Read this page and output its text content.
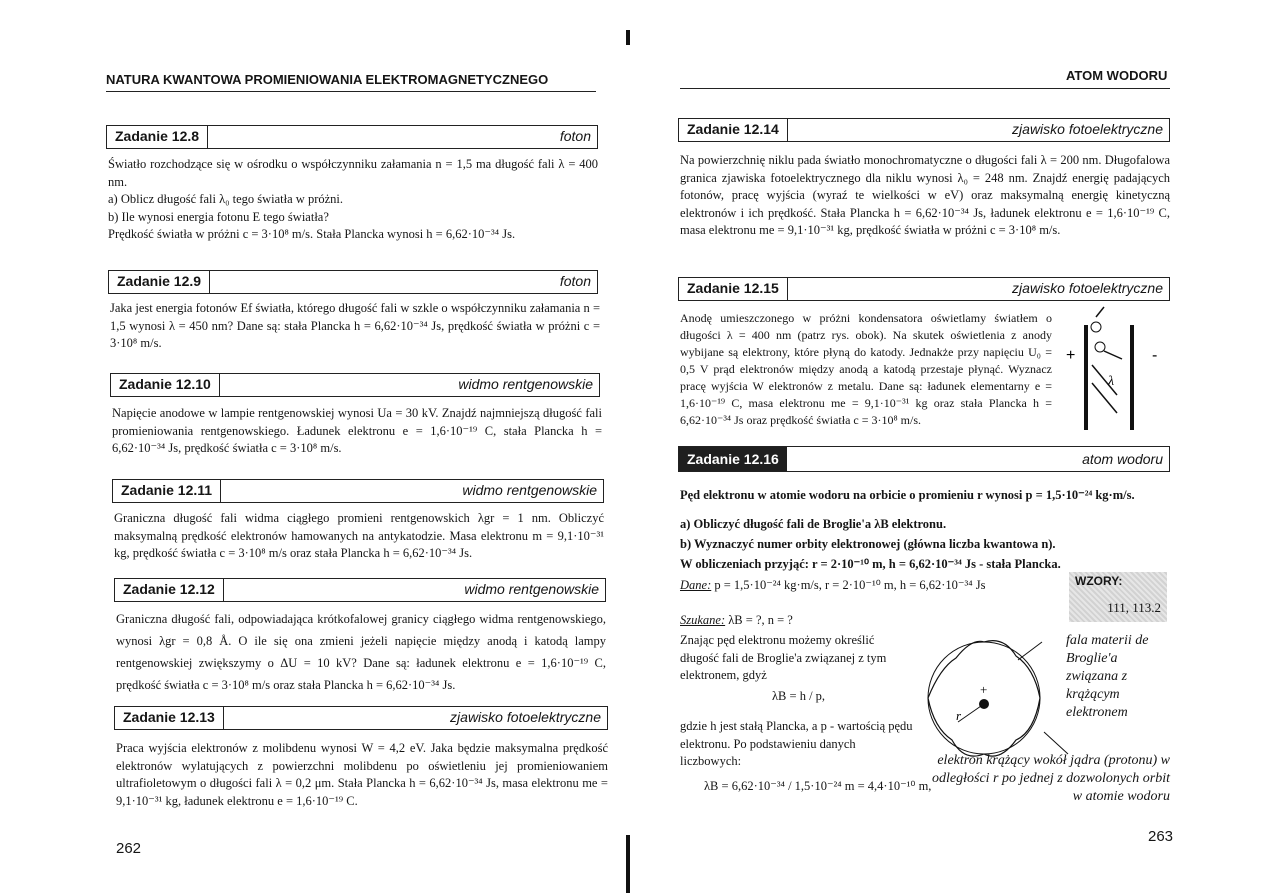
NATURA KWANTOWA PROMIENIOWANIA ELEKTROMAGNETYCZNEGO
Zadanie 12.8	foton

Światło rozchodzące się w ośrodku o współczynniku załamania n = 1,5 ma długość fali λ = 400 nm.

a) Oblicz długość fali λ₀ tego światła w próżni.

b) Ile wynosi energia fotonu E tego światła?

Prędkość światła w próżni c = 3·10⁸ m/s. Stała Plancka wynosi h = 6,62·10⁻³⁴ Js.

Zadanie 12.9	foton

Jaka jest energia fotonów Ef światła, którego długość fali w szkle o współczynniku załamania n = 1,5 wynosi λ = 450 nm? Dane są: stała Plancka h = 6,62·10⁻³⁴ Js, prędkość światła w próżni c = 3·10⁸ m/s.

Zadanie 12.10	widmo rentgenowskie

Napięcie anodowe w lampie rentgenowskiej wynosi Ua = 30 kV. Znajdź najmniejszą długość fali promieniowania rentgenowskiego. Ładunek elektronu e = 1,6·10⁻¹⁹ C, stała Plancka h = 6,62·10⁻³⁴ Js, prędkość światła c = 3·10⁸ m/s.

Zadanie 12.11	widmo rentgenowskie

Graniczna długość fali widma ciągłego promieni rentgenowskich λgr = 1 nm. Obliczyć maksymalną prędkość elektronów hamowanych na antykatodzie. Masa elektronu m = 9,1·10⁻³¹ kg, prędkość światła c = 3·10⁸ m/s oraz stała Plancka h = 6,62·10⁻³⁴ Js.

Zadanie 12.12	widmo rentgenowskie

Graniczna długość fali, odpowiadająca krótkofalowej granicy ciągłego widma rentgenowskiego, wynosi λgr = 0,8 Å. O ile się ona zmieni jeżeli napięcie między anodą i katodą lampy rentgenowskiej zwiększymy o ΔU = 10 kV? Dane są: ładunek elektronu e = 1,6·10⁻¹⁹ C, prędkość światła c = 3·10⁸ m/s oraz stała Plancka h = 6,62·10⁻³⁴ Js.

Zadanie 12.13	zjawisko fotoelektryczne

Praca wyjścia elektronów z molibdenu wynosi W = 4,2 eV. Jaka będzie maksymalna prędkość elektronów wylatujących z powierzchni molibdenu po oświetleniu jej promieniowaniem ultrafioletowym o długości fali λ = 0,2 μm. Stała Plancka h = 6,62·10⁻³⁴ Js, masa elektronu me = 9,1·10⁻³¹ kg, ładunek elektronu e = 1,6·10⁻¹⁹ C.

262
ATOM WODORU
Zadanie 12.14	zjawisko fotoelektryczne

Na powierzchnię niklu pada światło monochromatyczne o długości fali λ = 200 nm. Długofalowa granica zjawiska fotoelektrycznego dla niklu wynosi λ₀ = 248 nm. Znajdź energię padających fotonów, pracę wyjścia (wyraź te wielkości w eV) oraz maksymalną energię kinetyczną elektronów i ich prędkość. Stała Plancka h = 6,62·10⁻³⁴ Js, ładunek elektronu e = 1,6·10⁻¹⁹ C, masa elektronu me = 9,1·10⁻³¹ kg, prędkość światła w próżni c = 3·10⁸ m/s.

Zadanie 12.15	zjawisko fotoelektryczne

Anodę umieszczonego w próżni kondensatora oświetlamy światłem o długości λ = 400 nm (patrz rys. obok). Na skutek oświetlenia z anody wybijane są elektrony, które płyną do katody. Jednakże przy napięciu U₀ = 0,5 V prąd elektronów między anodą a katodą przestaje płynąć. Wyznacz pracę wyjścia W elektronów z metalu. Dane są: ładunek elementarny e = 1,6·10⁻¹⁹ C, masa elektronu me = 9,1·10⁻³¹ kg oraz stała Plancka h = 6,62·10⁻³⁴ Js oraz prędkość światła c = 3·10⁸ m/s.

+	-
λ
Zadanie 12.16	atom wodoru
Pęd elektronu w atomie wodoru na orbicie o promieniu r wynosi p = 1,5·10⁻²⁴ kg·m/s.

a) Obliczyć długość fali de Broglie'a λB elektronu.

b) Wyznaczyć numer orbity elektronowej (główna liczba kwantowa n).

W obliczeniach przyjąć: r = 2·10⁻¹⁰ m, h = 6,62·10⁻³⁴ Js - stała Plancka.

WZORY:
111, 113.2
Dane: p = 1,5·10⁻²⁴ kg·m/s, r = 2·10⁻¹⁰ m, h = 6,62·10⁻³⁴ Js
Szukane: λB = ?, n = ?
Znając pęd elektronu możemy określić długość fali de Broglie'a związanej z tym elektronem, gdyż
λB = h / p,
gdzie h jest stałą Plancka, a p - wartością pędu elektronu. Po podstawieniu danych liczbowych:
λB = 6,62·10⁻³⁴ / 1,5·10⁻²⁴ m = 4,4·10⁻¹⁰ m,
+
r
fala materii de Broglie'a związana z krążącym elektronem
elektron krążący wokół jądra (protonu) w odległości r po jednej z dozwolonych orbit w atomie wodoru
263
